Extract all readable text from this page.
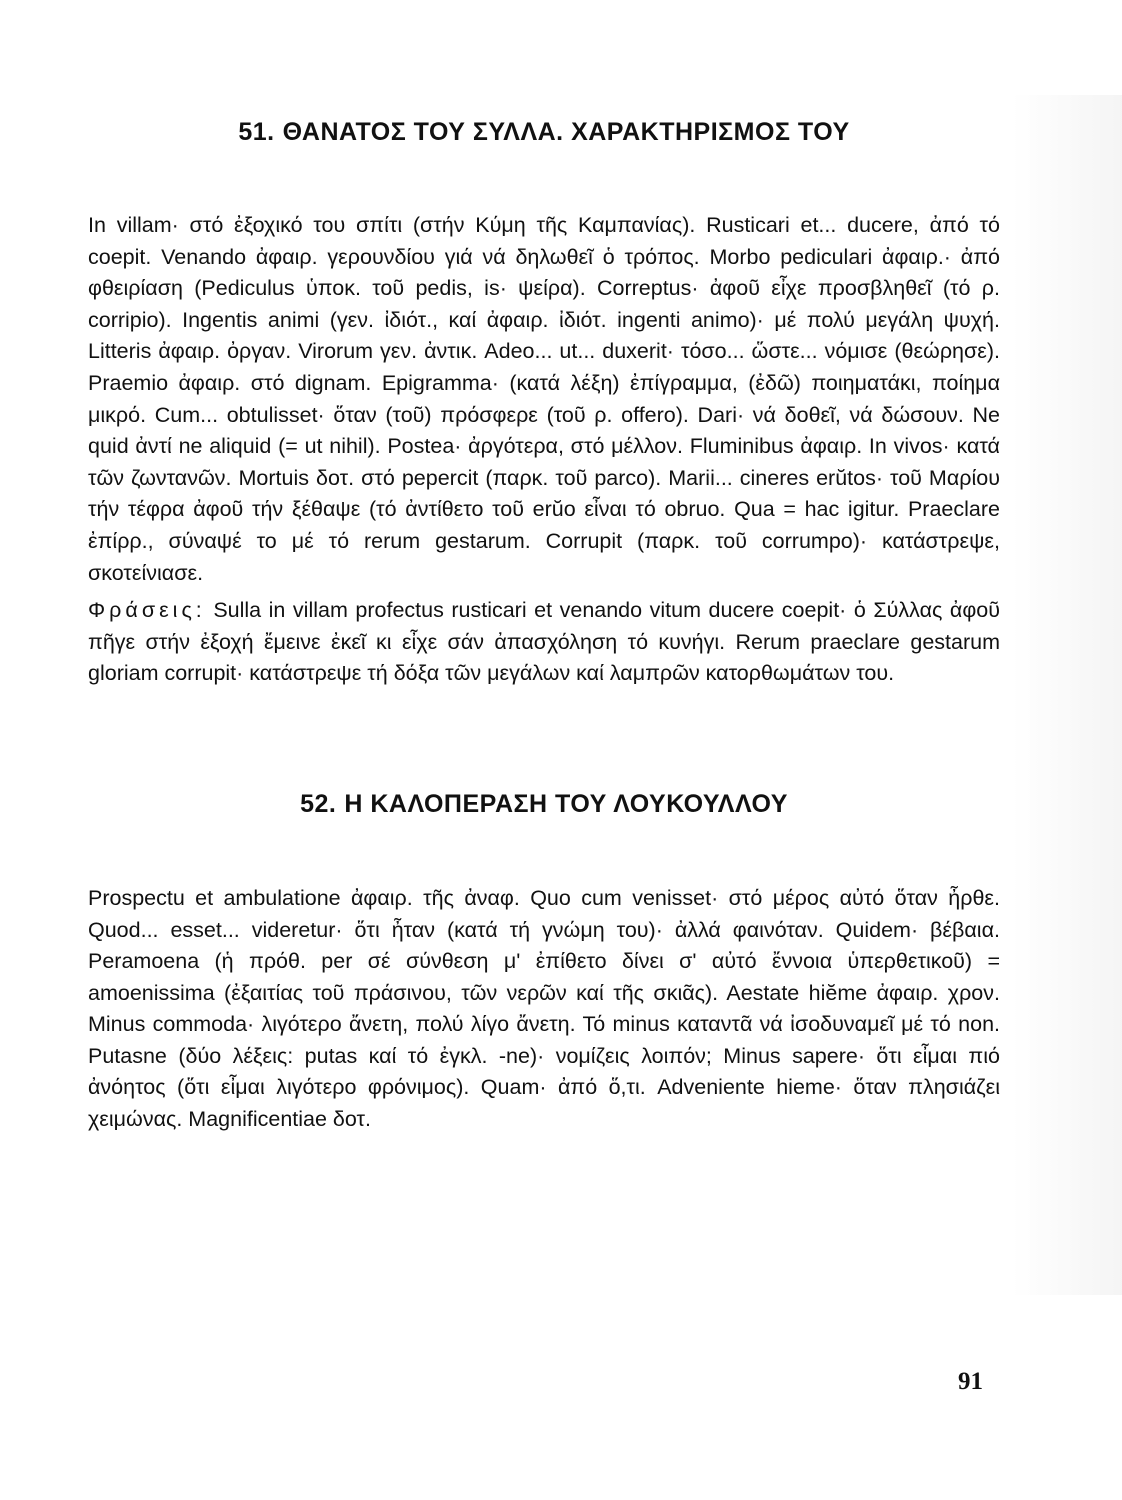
51. ΘΑΝΑΤΟΣ ΤΟΥ ΣΥΛΛΑ. ΧΑΡΑΚΤΗΡΙΣΜΟΣ ΤΟΥ

In villam· στό ἐξοχικό του σπίτι (στήν Κύμη τῆς Καμπανίας). Rusticari et... ducere, ἀπό τό coepit. Venando ἀφαιρ. γερουνδίου γιά νά δηλωθεῖ ὁ τρόπος. Morbo pediculari ἀφαιρ.· ἀπό φθειρίαση (Pediculus ὑποκ. τοῦ pedis, is· ψείρα). Correptus· ἀφοῦ εἶχε προσβληθεῖ (τό ρ. corripio). Ingentis animi (γεν. ἰδιότ., καί ἀφαιρ. ἰδιότ. ingenti animo)· μέ πολύ μεγάλη ψυχή. Litteris ἀφαιρ. ὀργαν. Virorum γεν. ἀντικ. Adeo... ut... duxerit· τόσο... ὥστε... νόμισε (θεώρησε). Praemio ἀφαιρ. στό dignam. Epigramma· (κατά λέξη) ἐπίγραμμα, (ἐδῶ) ποιηματάκι, ποίημα μικρό. Cum... obtulisset· ὅταν (τοῦ) πρόσφερε (τοῦ ρ. offero). Dari· νά δοθεῖ, νά δώσουν. Ne quid ἀντί ne aliquid (= ut nihil). Postea· ἀργότερα, στό μέλλον. Fluminibus ἀφαιρ. In vivos· κατά τῶν ζωντανῶν. Mortuis δοτ. στό pepercit (παρκ. τοῦ parco). Marii... cineres erŭtos· τοῦ Μαρίου τήν τέφρα ἀφοῦ τήν ξέθαψε (τό ἀντίθετο τοῦ erŭo εἶναι τό obruo. Qua = hac igitur. Praeclare ἐπίρρ., σύναψέ το μέ τό rerum gestarum. Corrupit (παρκ. τοῦ corrumpo)· κατάστρεψε, σκοτείνιασε.

Φράσεις: Sulla in villam profectus rusticari et venando vitum ducere coepit· ὁ Σύλλας ἀφοῦ πῆγε στήν ἐξοχή ἔμεινε ἐκεῖ κι εἶχε σάν ἀπασχόληση τό κυνήγι. Rerum praeclare gestarum gloriam corrupit· κατάστρεψε τή δόξα τῶν μεγάλων καί λαμπρῶν κατορθωμάτων του.

52. Η ΚΑΛΟΠΕΡΑΣΗ ΤΟΥ ΛΟΥΚΟΥΛΛΟΥ

Prospectu et ambulatione ἀφαιρ. τῆς ἀναφ. Quo cum venisset· στό μέρος αὐτό ὅταν ἦρθε. Quod... esset... videretur· ὅτι ἦταν (κατά τή γνώμη του)· ἀλλά φαινόταν. Quidem· βέβαια. Peramoena (ἡ πρόθ. per σέ σύνθεση μ' ἐπίθετο δίνει σ' αὐτό ἔννοια ὑπερθετικοῦ) = amoenissima (ἐξαιτίας τοῦ πράσινου, τῶν νερῶν καί τῆς σκιᾶς). Aestate hiĕme ἀφαιρ. χρον. Minus commoda· λιγότερο ἄνετη, πολύ λίγο ἄνετη. Τό minus καταντᾶ νά ἰσοδυναμεῖ μέ τό non. Putasne (δύο λέξεις: putas καί τό ἐγκλ. -ne)· νομίζεις λοιπόν; Minus sapere· ὅτι εἶμαι πιό ἀνόητος (ὅτι εἶμαι λιγότερο φρόνιμος). Quam· ἀπό ὅ,τι. Adveniente hieme· ὅταν πλησιάζει χειμώνας. Magnificentiae δοτ.

91
